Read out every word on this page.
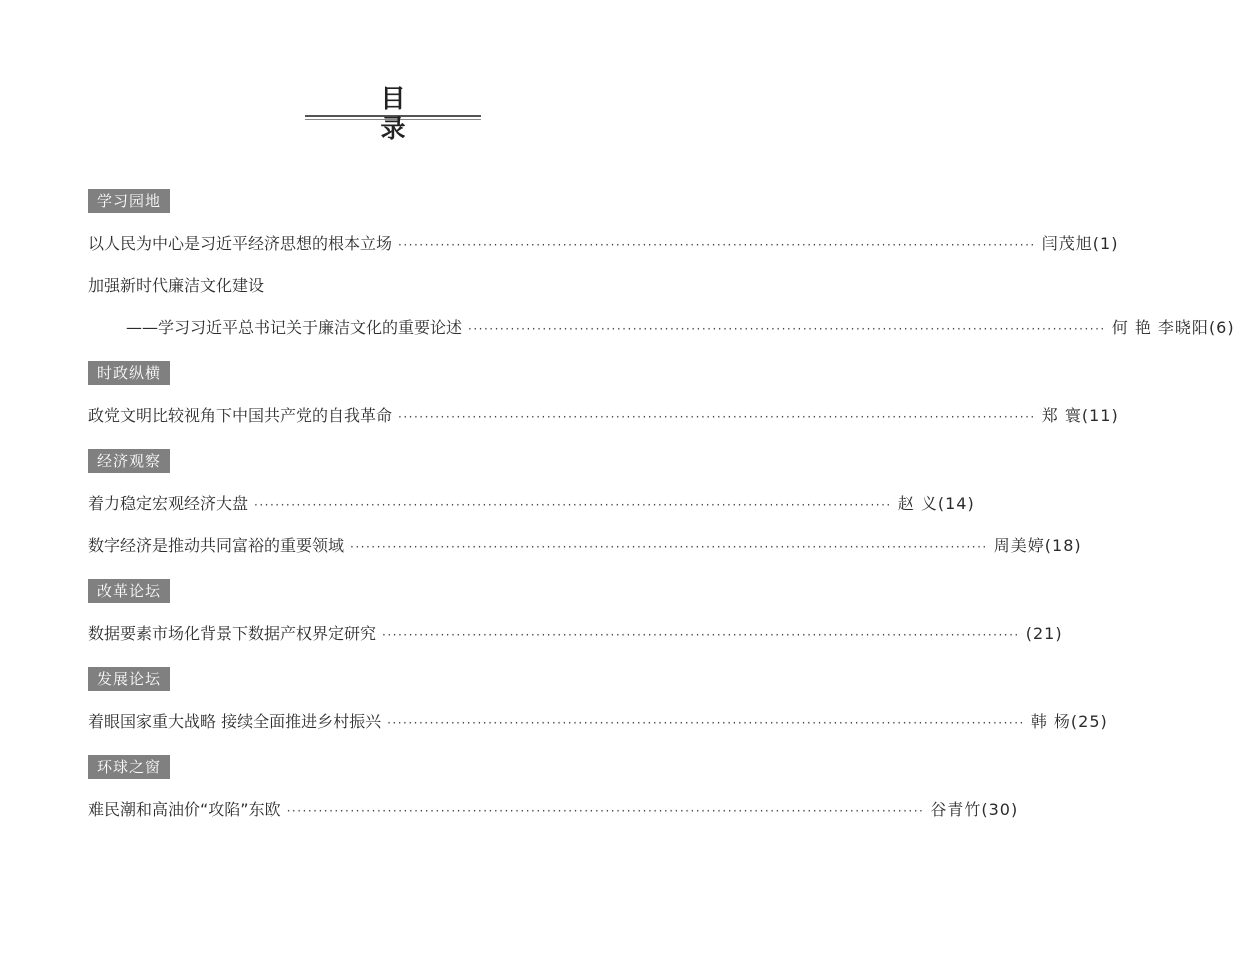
目 录
学习园地
以人民为中心是习近平经济思想的根本立场 ························································································································ 闫茂旭(1)
加强新时代廉洁文化建设
——学习习近平总书记关于廉洁文化的重要论述 ························································································································ 何 艳 李晓阳(6)
时政纵横
政党文明比较视角下中国共产党的自我革命 ························································································································ 郑 寰(11)
经济观察
着力稳定宏观经济大盘 ························································································································ 赵 义(14)
数字经济是推动共同富裕的重要领域 ························································································································ 周美婷(18)
改革论坛
数据要素市场化背景下数据产权界定研究 ························································································································ (21)
发展论坛
着眼国家重大战略 接续全面推进乡村振兴 ························································································································ 韩 杨(25)
环球之窗
难民潮和高油价“攻陷”东欧 ························································································································ 谷青竹(30)
